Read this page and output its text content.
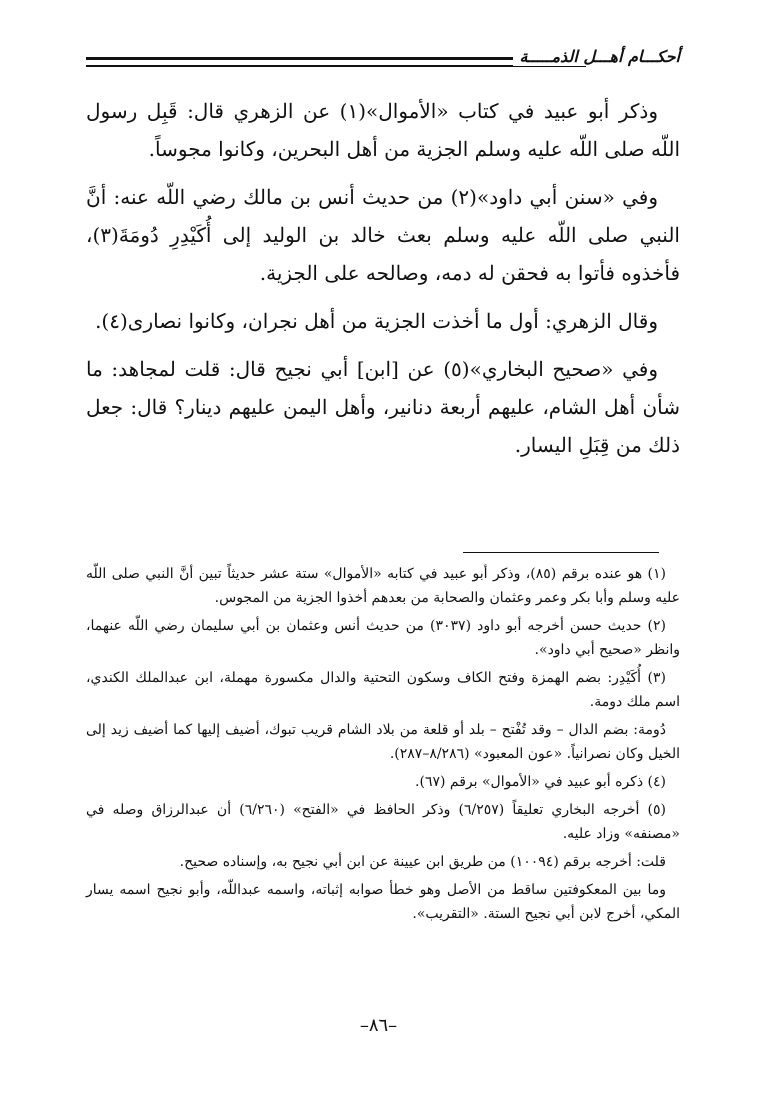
أحكـــام أهـــل الذمـــــة

وذكر أبو عبيد في كتاب «الأموال»(١) عن الزهري قال: قَبِل رسول اللّه صلى اللّه عليه وسلم الجزية من أهل البحرين، وكانوا مجوساً.

وفي «سنن أبي داود»(٢) من حديث أنس بن مالك رضي اللّه عنه: أنَّ النبي صلى اللّه عليه وسلم بعث خالد بن الوليد إلى أُكَيْدِرِ دُومَةَ(٣)، فأخذوه فأتوا به فحقن له دمه، وصالحه على الجزية.

وقال الزهري: أول ما أخذت الجزية من أهل نجران، وكانوا نصارى(٤).

وفي «صحيح البخاري»(٥) عن [ابن] أبي نجيح قال: قلت لمجاهد: ما شأن أهل الشام، عليهم أربعة دنانير، وأهل اليمن عليهم دينار؟ قال: جعل ذلك من قِبَلِ اليسار.

(١) هو عنده برقم (٨٥)، وذكر أبو عبيد في كتابه «الأموال» ستة عشر حديثاً تبين أنَّ النبي صلى اللّه عليه وسلم وأبا بكر وعمر وعثمان والصحابة من بعدهم أخذوا الجزية من المجوس.

(٢) حديث حسن أخرجه أبو داود (٣٠٣٧) من حديث أنس وعثمان بن أبي سليمان رضي اللّه عنهما، وانظر «صحيح أبي داود».

(٣) أُكَيْدِر: بضم الهمزة وفتح الكاف وسكون التحتية والدال مكسورة مهملة، ابن عبدالملك الكندي، اسم ملك دومة.

دُومة: بضم الدال – وقد تُفْتح – بلد أو قلعة من بلاد الشام قريب تبوك، أضيف إليها كما أضيف زيد إلى الخيل وكان نصرانياً. «عون المعبود» (٨/٢٨٦–٢٨٧).

(٤) ذكره أبو عبيد في «الأموال» برقم (٦٧).

(٥) أخرجه البخاري تعليقاً (٦/٢٥٧) وذكر الحافظ في «الفتح» (٦/٢٦٠) أن عبدالرزاق وصله في «مصنفه» وزاد عليه.

قلت: أخرجه برقم (١٠٠٩٤) من طريق ابن عيينة عن ابن أبي نجيح به، وإسناده صحيح.

وما بين المعكوفتين ساقط من الأصل وهو خطأ صوابه إثباته، واسمه عبداللّه، وأبو نجيح اسمه يسار المكي، أخرج لابن أبي نجيح الستة. «التقريب».

–٨٦–
